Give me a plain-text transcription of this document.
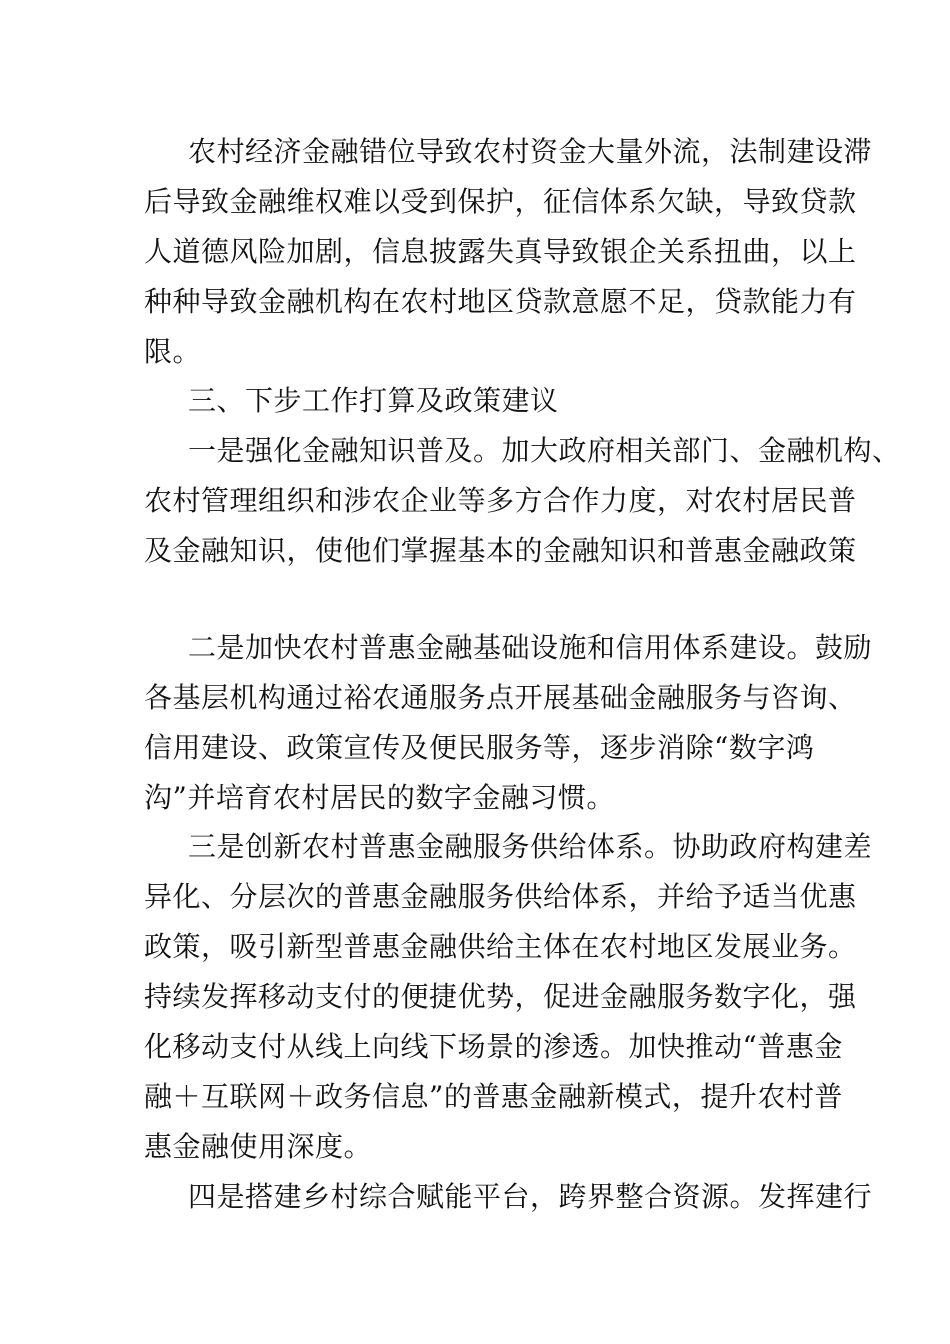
农村经济金融错位导致农村资金大量外流，法制建设滞
后导致金融维权难以受到保护，征信体系欠缺，导致贷款
人道德风险加剧，信息披露失真导致银企关系扭曲，以上
种种导致金融机构在农村地区贷款意愿不足，贷款能力有
限。
三、下步工作打算及政策建议
一是强化金融知识普及。加大政府相关部门、金融机构、
农村管理组织和涉农企业等多方合作力度，对农村居民普
及金融知识，使他们掌握基本的金融知识和普惠金融政策
二是加快农村普惠金融基础设施和信用体系建设。鼓励
各基层机构通过裕农通服务点开展基础金融服务与咨询、
信用建设、政策宣传及便民服务等，逐步消除“数字鸿
沟”并培育农村居民的数字金融习惯。
三是创新农村普惠金融服务供给体系。协助政府构建差
异化、分层次的普惠金融服务供给体系，并给予适当优惠
政策，吸引新型普惠金融供给主体在农村地区发展业务。
持续发挥移动支付的便捷优势，促进金融服务数字化，强
化移动支付从线上向线下场景的渗透。加快推动“普惠金
融＋互联网＋政务信息”的普惠金融新模式，提升农村普
惠金融使用深度。
四是搭建乡村综合赋能平台，跨界整合资源。发挥建行
